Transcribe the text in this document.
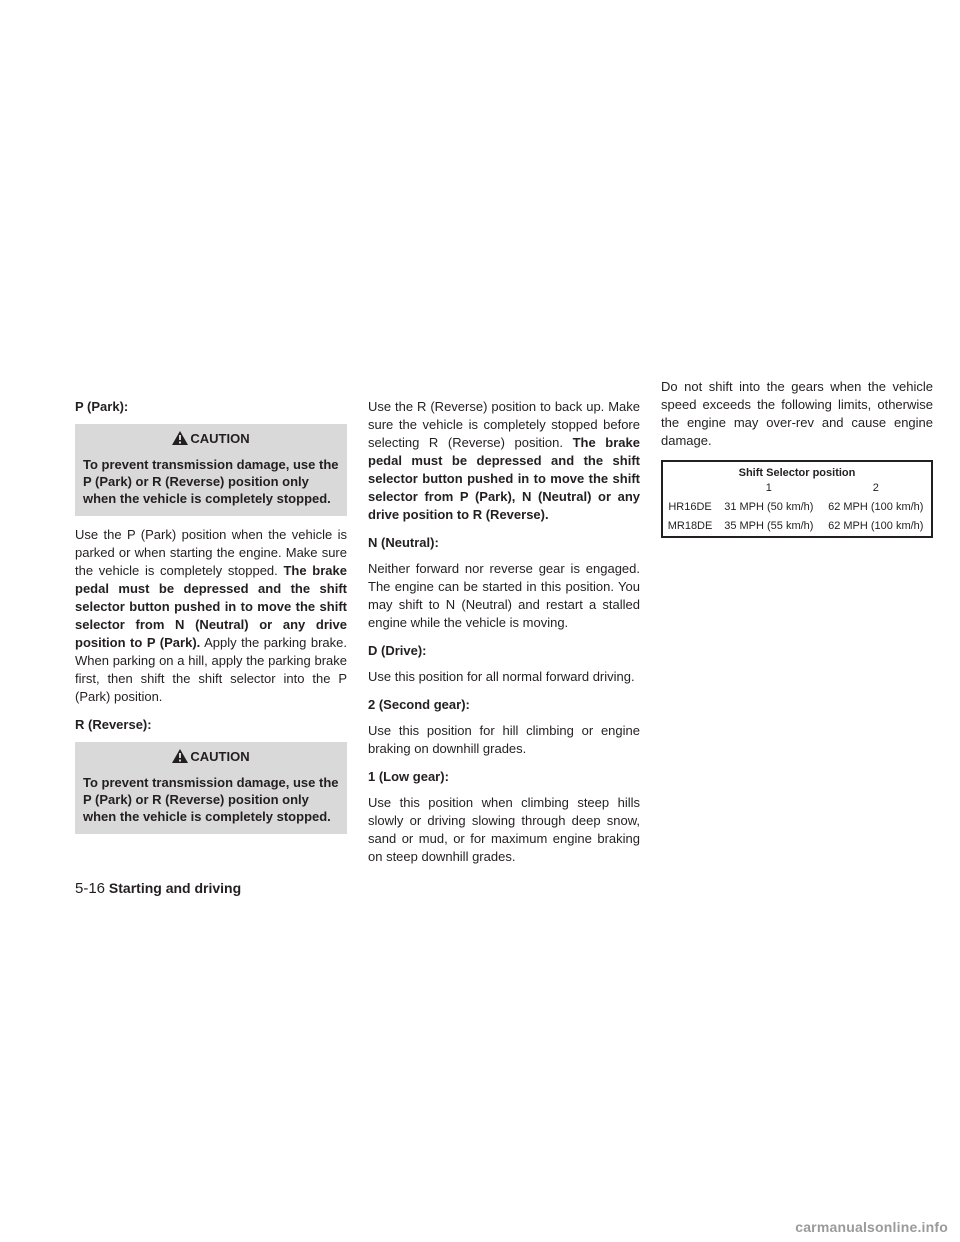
P (Park):
CAUTION
To prevent transmission damage, use the P (Park) or R (Reverse) position only when the vehicle is completely stopped.

Use the P (Park) position when the vehicle is parked or when starting the engine. Make sure the vehicle is completely stopped. The brake pedal must be depressed and the shift selector button pushed in to move the shift selector from N (Neutral) or any drive position to P (Park). Apply the parking brake. When parking on a hill, apply the parking brake first, then shift the shift selector into the P (Park) position.

R (Reverse):
CAUTION
To prevent transmission damage, use the P (Park) or R (Reverse) position only when the vehicle is completely stopped.

Use the R (Reverse) position to back up. Make sure the vehicle is completely stopped before selecting R (Reverse) position. The brake pedal must be depressed and the shift selector button pushed in to move the shift selector from P (Park), N (Neutral) or any drive position to R (Reverse).

N (Neutral):

Neither forward nor reverse gear is engaged. The engine can be started in this position. You may shift to N (Neutral) and restart a stalled engine while the vehicle is moving.

D (Drive):

Use this position for all normal forward driving.

2 (Second gear):

Use this position for hill climbing or engine braking on downhill grades.

1 (Low gear):

Use this position when climbing steep hills slowly or driving slowing through deep snow, sand or mud, or for maximum engine braking on steep downhill grades.

Do not shift into the gears when the vehicle speed exceeds the following limits, otherwise the engine may over-rev and cause engine damage.

Shift Selector position		
	1	2
HR16DE	31 MPH (50 km/h)	62 MPH (100 km/h)
MR18DE	35 MPH (55 km/h)	62 MPH (100 km/h)
5-16 Starting and driving
carmanualsonline.info
